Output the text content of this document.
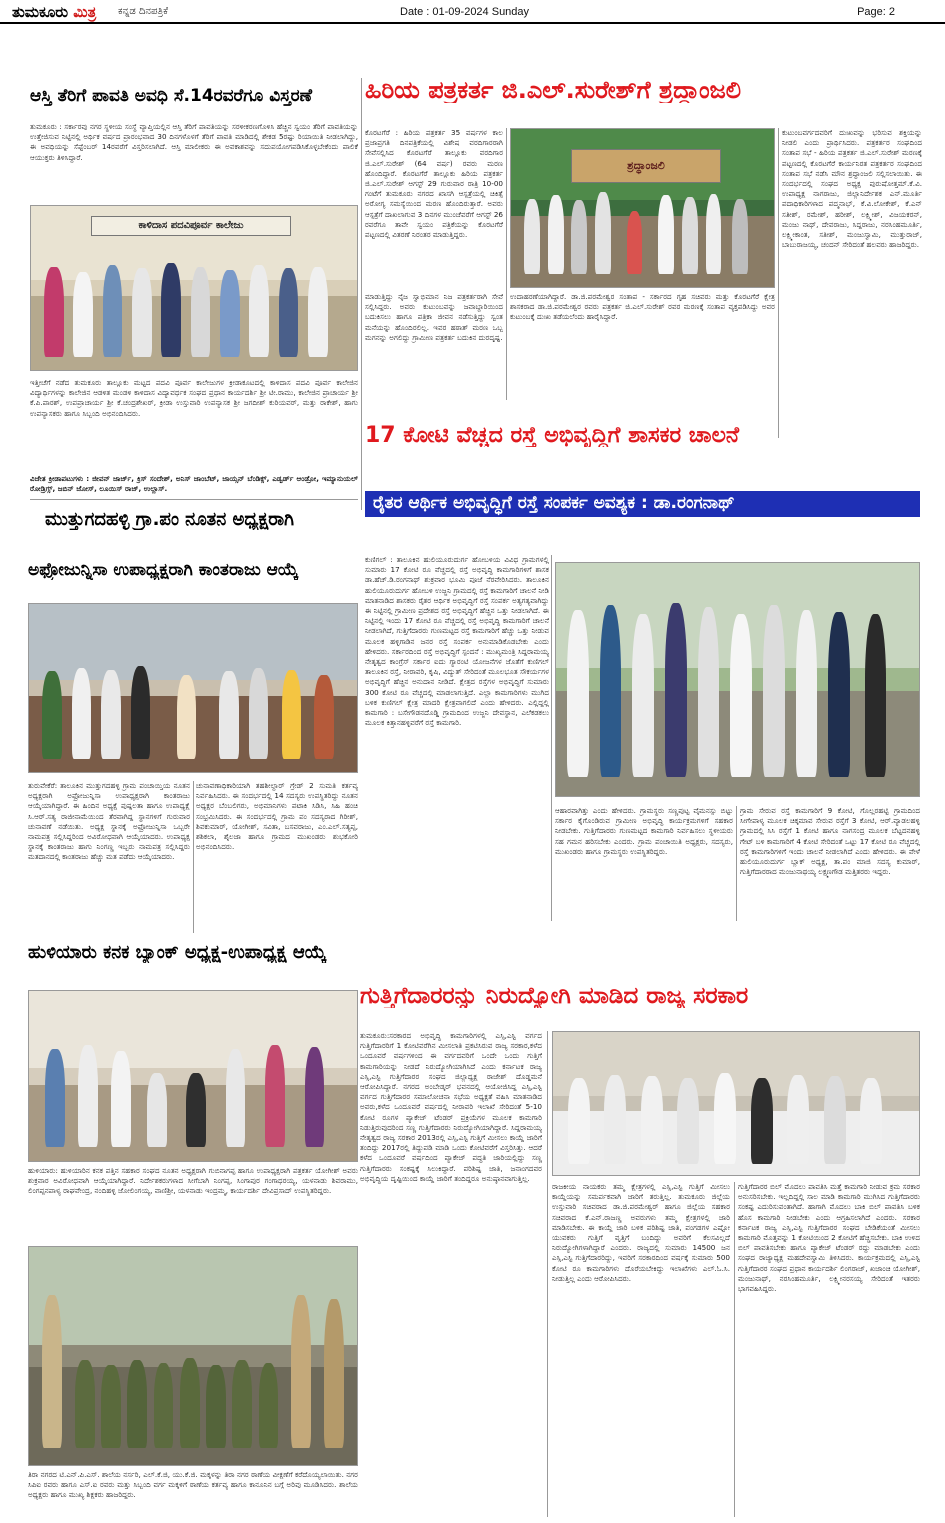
ತುಮಕೂರು ಮಿತ್ರ ಕನ್ನಡ ದಿನಪತ್ರಿಕೆ	Date : 01-09-2024 Sunday	Page: 2
ಆಸ್ತಿ ತೆರಿಗೆ ಪಾವತಿ ಅವಧಿ ಸೆ.14ರವರೆಗೂ ವಿಸ್ತರಣೆ
ತುಮಕೂರು : ಸರ್ಕಾರವು ನಗರ ಸ್ಥಳೀಯ ಸಂಸ್ಥೆ ವ್ಯಾಪ್ತಿಯಲ್ಲಿನ ಆಸ್ತಿ ತೆರಿಗೆ ಪಾವತಿಯನ್ನು ಸರಳೀಕರಣಗೊಳಿಸಿ ಹೆಚ್ಚಿನ ಸ್ವಯಂ ತೆರಿಗೆ ಪಾವತಿಯನ್ನು ಉತ್ತೇಜಿಸುವ ನಿಟ್ಟಿನಲ್ಲಿ ಅರ್ಥಿಕ ವರ್ಷದ ಪ್ರಾರಂಭವಾದ 30 ದಿನಗಳೊಳಗೆ ತೆರಿಗೆ ಪಾವತಿ ಮಾಡಿದಲ್ಲಿ ಶೇಕಡ 5ರಷ್ಟು ರಿಯಾಯಿತಿ ನೀಡಲಾಗಿದ್ದು, ಈ ಅವಧಿಯನ್ನು ಸೆಪ್ಟೆಂಬರ್ 14ರವರೆಗೆ ವಿಸ್ತರಿಸಲಾಗಿದೆ. ಆಸ್ತಿ ಮಾಲೀಕರು ಈ ಅವಕಾಶವನ್ನು ಸದುಪಯೋಗಪಡಿಸಿಕೊಳ್ಳಬೇಕೆಂದು ಪಾಲಿಕೆ ಆಯುಕ್ತರು ತಿಳಿಸಿದ್ದಾರೆ.
ಕಾಳಿದಾಸ ಪದವಿಪೂರ್ವ ಕಾಲೇಜು
ಇತ್ತೀಚೆಗೆ ನಡೆದ ತುಮಕೂರು ತಾಲ್ಲೂಕು ಮಟ್ಟದ ಪದವಿ ಪೂರ್ವ ಕಾಲೇಜುಗಳ ಕ್ರೀಡಾಕೂಟದಲ್ಲಿ ಕಾಳಿದಾಸ ಪದವಿ ಪೂರ್ವ ಕಾಲೇಜಿನ ವಿದ್ಯಾರ್ಥಿಗಳನ್ನು ಕಾಲೇಜಿನ ಆಡಳಿತ ಮಂಡಳಿ ಕಾಳಿದಾಸ ವಿದ್ಯಾವರ್ಧಕ ಸಂಘದ ಪ್ರಧಾನ ಕಾರ್ಯದರ್ಶಿ ಶ್ರೀ ಟೀ.ರಾಮು, ಕಾಲೇಜಿನ ಪ್ರಾಚಾರ್ಯ ಶ್ರೀ ಕೆ.ಪಿ.ಪಾರಶ್, ಉಪಪ್ರಾಚಾರ್ಯ ಶ್ರೀ ಕೆ.ಚಂದ್ರಶೇಖರ್, ಕ್ರೀಡಾ ಉಸ್ತುವಾರಿ ಉಪನ್ಯಾಸಕ ಶ್ರೀ ಜಗದೀಶ್ ಕುರಿಯವರ್, ಮತ್ತು ರಾಕೇಶ್, ಹಾಗು ಉಪನ್ಯಾಸಕರು ಹಾಗೂ ಸಿಬ್ಬಂದಿ ಅಭಿನಂದಿಸಿದರು.
ವಿಜೇತ ಕ್ರೀಡಾಪಟುಗಳು : ಜೀವನ್ ಜಾರ್ಜ್, ಕ್ರಿಸ್ ಸಂದೇಶ್, ಅನಿಸ್ ಜಾಂಬೆಟ್, ಜಾಯ್ಸನ್ ಬೆಂಡಿಕ್ಸ್, ಎಡ್ವರ್ಡ್ ಆಂಡ್ರೋ, ಇಮ್ಯಾನುಯಲ್ ರೋಡ್ರಿಗ್ಸ್, ಜಬಿನ್ ಜೋಸ್, ಲೂಯಿಸ್ ರಾಜ್, ಉಲ್ಲಾಸ್.
ಹಿರಿಯ ಪತ್ರಕರ್ತ ಜಿ.ಎಲ್.ಸುರೇಶ್‌ಗೆ ಶ್ರದ್ಧಾಂಜಲಿ
ಕೊರಟಗೆರೆ : ಹಿರಿಯ ಪತ್ರಕರ್ತ 35 ವರ್ಷಗಳ ಕಾಲ ಪ್ರಜಾಪ್ರಗತಿ ದಿನಪತ್ರಿಕೆಯಲ್ಲಿ ವಿಶೇಷ ವರದಿಗಾರರಾಗಿ ಸೇವೆಸಲ್ಲಿಸಿದ ಕೊರಟಗೆರೆ ತಾಲ್ಲೂಕು ವರದಿಗಾರ ಜಿ.ಎಲ್.ಸುರೇಶ್ (64 ವರ್ಷ) ರವರು ಮರಣ ಹೊಂದಿದ್ದಾರೆ. ಕೊರಟಗೆರೆ ತಾಲ್ಲೂಕು ಹಿರಿಯ ಪತ್ರಕರ್ತ ಜಿ.ಎಲ್.ಸುರೇಶ್ ಆಗಸ್ಟ್ 29 ಗುರುವಾರ ರಾತ್ರಿ 10-00 ಗಂಟೆಗೆ ತುಮಕೂರು ನಗರದ ಖಾಸಗಿ ಆಸ್ಪತ್ರೆಯಲ್ಲಿ ಚಿಕಿತ್ಸೆ ಅರೋಗ್ಯ ಸಮಸ್ಯೆಯಿಂದ ಮರಣ ಹೊಂದಿರುತ್ತಾರೆ. ಅವರು ಆಸ್ಪತ್ರೆಗೆ ದಾಖಲಾಗುವ 3 ದಿನಗಳ ಮುಂಚೆವರೆಗೆ ಆಗಸ್ಟ್ 26 ರವರೆಗೂ ತಾವೇ ಸ್ವಯಂ ಪತ್ರಿಕೆಯನ್ನು ಕೊರಟಗೆರೆ ಪಟ್ಟಣದಲ್ಲಿ ವಿತರಣೆ ನಿರಂತರ ಮಾಡುತ್ತಿದ್ದರು.
ಶ್ರದ್ಧಾಂಜಲಿ
ಮಾಡುತ್ತಿದ್ದು ನೈಜ ಸ್ವಾಭಿಮಾನ ನಿಜ ಪತ್ರಕರ್ತರಾಗಿ ಸೇವೆ ಸಲ್ಲಿಸಿದ್ದರು. ಅವರು ಕುಟುಂಬವನ್ನು ಜವಾಬ್ದಾರಿಯಿಂದ ಬದುಕಿಸಲು ಹಾಗೂ ಪತ್ರಿಕಾ ಜೀವನ ನಡೆಸುತ್ತಿದ್ದು ಸ್ವಂತ ಮನೆಯನ್ನು ಹೊಂದಿರಲಿಲ್ಲ. ಇವರ ಹಠಾತ್ ಮರಣ ಒಬ್ಬ ಮಗನನ್ನು ಅಗಲಿದ್ದು ಗ್ರಾಮೀಣ ಪತ್ರಕರ್ತ ಬದುಕಿನ ದುರದೃಷ್ಟ.
ಉದಾಹರಣೆಯಾಗಿದ್ದಾರೆ. ಡಾ.ಜಿ.ಪರಮೇಶ್ವರ ಸಂತಾಪ - ಸರ್ಕಾರದ ಗೃಹ ಸಚಿವರು ಮತ್ತು ಕೊರಟಗೆರೆ ಕ್ಷೇತ್ರ ಶಾಸಕರಾದ ಡಾ.ಜಿ.ಪರಮೇಶ್ವರ ರವರು ಪತ್ರಕರ್ತ ಜಿ.ಎಲ್.ಸುರೇಶ್ ರವರ ಮರಣಕ್ಕೆ ಸಂತಾಪ ವ್ಯಕ್ತಪಡಿಸಿದ್ದು ಅವರ ಕುಟುಂಬಕ್ಕೆ ದುಃಖ ತಡೆಯಲೆಂದು ಹಾರೈಸಿದ್ದಾರೆ.
ಕುಟುಂಬವರ್ಗದವರಿಗೆ ದುಃಖವನ್ನು ಭರಿಸುವ ಶಕ್ತಿಯನ್ನು ನೀಡಲಿ ಎಂದು ಪ್ರಾರ್ಥಿಸಿದರು. ಪತ್ರಕರ್ತರ ಸಂಘದಿಂದ ಸಂತಾಪ ಸಭೆ - ಹಿರಿಯ ಪತ್ರಕರ್ತ ಜಿ.ಎಲ್.ಸುರೇಶ್ ಮರಣಕ್ಕೆ ಪಟ್ಟಣದಲ್ಲಿ ಕೊರಟಗೆರೆ ಕಾರ್ಯನಿರತ ಪತ್ರಕರ್ತರ ಸಂಘದಿಂದ ಸಂತಾಪ ಸಭೆ ನಡೆಸಿ ಮೌನ ಶ್ರದ್ಧಾಂಜಲಿ ಸಲ್ಲಿಸಲಾಯಿತು. ಈ ಸಂದರ್ಭದಲ್ಲಿ ಸಂಘದ ಅಧ್ಯಕ್ಷ ಪುರುಷೋತ್ತಮ್.ಕೆ.ವಿ. ಉಪಾಧ್ಯಕ್ಷ ನಾಗರಾಜು, ಜಿಲ್ಲಾನಿರ್ದೇಶಕ ಎನ್.ಮೂರ್ತಿ ಪದಾಧಿಕಾರಿಗಳಾದ ಪದ್ಮನಾಭ್, ಕೆ.ವಿ.ಲೋಕೇಶ್, ಕೆ.ಎನ್ ಸತೀಶ್, ರಮೇಶ್, ಹರೀಶ್, ಲಕ್ಷ್ಮೀಶ್, ವಿಜಯಕರನ್, ಮಂಜು ನಾಥ್, ದೇವರಾಜು, ಸಿದ್ದರಾಜು, ನರಸಿಂಹಮೂರ್ತಿ, ಲಕ್ಷ್ಮೀಕಾಂತ, ಸತೀಶ್, ಮಂಜುಸ್ವಾಮಿ, ಮುತ್ತುರಾಜ್, ಬಾಬುರಾಜಯ್ಯ, ಚಂದನ್ ಸೇರಿದಂತೆ ಹಲವರು ಹಾಜರಿದ್ದರು.
17 ಕೋಟಿ ವೆಚ್ಚದ ರಸ್ತೆ ಅಭಿವೃದ್ಧಿಗೆ ಶಾಸಕರ ಚಾಲನೆ
ರೈತರ ಆರ್ಥಿಕ ಅಭಿವೃದ್ಧಿಗೆ ರಸ್ತೆ ಸಂಪರ್ಕ ಅವಶ್ಯಕ : ಡಾ.ರಂಗನಾಥ್
ಕುಣಿಗಲ್ : ತಾಲೂಕಿನ ಹುಲಿಯೂರುದುರ್ಗ ಹೋಬಳಿಯ ವಿವಿಧ ಗ್ರಾಮಗಳಲ್ಲಿ ಸುಮಾರು 17 ಕೋಟಿ ರೂ ವೆಚ್ಚದಲ್ಲಿ ರಸ್ತೆ ಅಭಿವೃದ್ಧಿ ಕಾಮಗಾರಿಗಳಿಗೆ ಶಾಸಕ ಡಾ.ಹೆಚ್.ಡಿ.ರಂಗನಾಥ್ ಶುಕ್ರವಾರ ಭೂಮಿ ಪೂಜೆ ನೆರವೇರಿಸಿದರು. ತಾಲೂಕಿನ ಹುಲಿಯೂರುದುರ್ಗ ಹೋಬಳಿ ಉಜ್ಜನಿ ಗ್ರಾಮದಲ್ಲಿ ರಸ್ತೆ ಕಾಮಗಾರಿಗೆ ಚಾಲನೆ ನೀಡಿ ಮಾತನಾಡಿದ ಶಾಸಕರು ರೈತರ ಆರ್ಥಿಕ ಅಭಿವೃದ್ಧಿಗೆ ರಸ್ತೆ ಸಂಪರ್ಕ ಅತ್ಯಗತ್ಯವಾಗಿದ್ದು ಈ ನಿಟ್ಟಿನಲ್ಲಿ ಗ್ರಾಮೀಣ ಪ್ರದೇಶದ ರಸ್ತೆ ಅಭಿವೃದ್ಧಿಗೆ ಹೆಚ್ಚಿನ ಒತ್ತು ನೀಡಲಾಗಿದೆ. ಈ ನಿಟ್ಟಿನಲ್ಲಿ ಇಂದು 17 ಕೋಟಿ ರೂ ವೆಚ್ಚದಲ್ಲಿ ರಸ್ತೆ ಅಭಿವೃದ್ಧಿ ಕಾಮಗಾರಿಗೆ ಚಾಲನೆ ನೀಡಲಾಗಿದೆ, ಗುತ್ತಿಗೆದಾರರು ಗುಣಮಟ್ಟದ ರಸ್ತೆ ಕಾಮಗಾರಿಗೆ ಹೆಚ್ಚು ಒತ್ತು ನೀಡುವ ಮೂಲಕ ಹಳ್ಳಿಗಾಡಿನ ಜನರ ರಸ್ತೆ ಸಂಪರ್ಕ ಅನುಮಾಡಿಕೊಡಬೇಕು ಎಂದು ಹೇಳಿದರು. ಸರ್ಕಾರದಿಂದ ರಸ್ತೆ ಅಭಿವೃದ್ಧಿಗೆ ಸ್ಪಂದನೆ : ಮುಖ್ಯಮಂತ್ರಿ ಸಿದ್ದರಾಮಯ್ಯ ನೇತೃತ್ವದ ಕಾಂಗ್ರೆಸ್ ಸರ್ಕಾರ ಐದು ಗ್ಯಾರಂಟಿ ಯೋಜನೆಗಳ ಜೊತೆಗೆ ಕುಣಿಗಲ್ ತಾಲೂಕಿನ ರಸ್ತೆ, ನೀರಾವರಿ, ಕೃಷಿ, ವಿದ್ಯುತ್ ಸೇರಿದಂತೆ ಮೂಲಭೂತ ಸೌಕರ್ಯಗಳ ಅಭಿವೃದ್ಧಿಗೆ ಹೆಚ್ಚಿನ ಅನುದಾನ ನೀಡಿದೆ. ಕ್ಷೇತ್ರದ ರಸ್ತೆಗಳ ಅಭಿವೃದ್ಧಿಗೆ ಸುಮಾರು 300 ಕೋಟಿ ರೂ ವೆಚ್ಚದಲ್ಲಿ ಮಾಡಲಾಗುತ್ತಿದೆ. ಎಲ್ಲಾ ಕಾಮಗಾರಿಗಳು ಮುಗಿದ ಬಳಿಕ ಕುಣಿಗಲ್ ಕ್ಷೇತ್ರ ಮಾದರಿ ಕ್ಷೇತ್ರವಾಗಲಿದೆ ಎಂದು ಹೇಳಿದರು. ಎಲ್ಲಿದ್ದಲ್ಲಿ ಕಾಮಗಾರಿ : ಬಸೇಗೌಡನದೊಡ್ಡಿ ಗ್ರಾಮದಿಂದ ಉಜ್ಜನಿ ದೇವಸ್ಥಾನ, ಎಲೆಕಡಕಲು ಮೂಲಕ ಕಿತ್ತಾನಹಳ್ಳಿವರೆಗೆ ರಸ್ತೆ ಕಾಮಗಾರಿ.
ಆಹಾರವಾಗಿತ್ತು ಎಂದು ಹೇಳಿದರು. ಗ್ರಾಮಸ್ಥರು ಸಣ್ಣಪುಟ್ಟ ವೈಮನಸ್ಸು ಬಿಟ್ಟು ಸರ್ಕಾರ ಕೈಗೊಂಡಿರುವ ಗ್ರಾಮೀಣ ಅಭಿವೃದ್ಧಿ ಕಾರ್ಯಕ್ರಮಗಳಿಗೆ ಸಹಕಾರ ನೀಡಬೇಕು. ಗುತ್ತಿಗೆದಾರರು ಗುಣಮಟ್ಟದ ಕಾಮಗಾರಿ ನಿರ್ವಹಿಸಲು ಸ್ಥಳೀಯರು ಸಹ ಗಮನ ಹರಿಸಬೇಕು ಎಂದರು. ಗ್ರಾಮ ಪಂಚಾಯಿತಿ ಅಧ್ಯಕ್ಷರು, ಸದಸ್ಯರು, ಮುಖಂಡರು ಹಾಗೂ ಗ್ರಾಮಸ್ಥರು ಉಪಸ್ಥಿತರಿದ್ದರು.
ಗ್ರಾಮ ಸೇರುವ ರಸ್ತೆ ಕಾಮಗಾರಿಗೆ 9 ಕೋಟಿ, ಗೊಲ್ಲರಹಟ್ಟಿ ಗ್ರಾಮದಿಂದ ಸೀಗೇಪಾಳ್ಯ ಮೂಲಕ ಚಿಕ್ಕಮಾವ ಸೇರುವ ರಸ್ತೆಗೆ 3 ಕೋಟಿ, ಆರ್.ವ್ಯಾಡಲಹಳ್ಳಿ ಗ್ರಾಮದಲ್ಲಿ ಸಿಸಿ ರಸ್ತೆಗೆ 1 ಕೋಟಿ ಹಾಗೂ ನಾಗಸಂದ್ರ ಮೂಲಕ ಬೆಟ್ಟದನಹಳ್ಳಿ ಗೇಟ್ ಬಳಿ ಕಾಮಗಾರಿಗೆ 4 ಕೋಟಿ ಸೇರಿದಂತೆ ಒಟ್ಟು 17 ಕೋಟಿ ರೂ ವೆಚ್ಚದಲ್ಲಿ ರಸ್ತೆ ಕಾಮಗಾರಿಗಳಿಗೆ ಇಂದು ಚಾಲನೆ ನೀಡಲಾಗಿದೆ ಎಂದು ಹೇಳಿದರು. ಈ ವೇಳೆ ಹುಲಿಯೂರುದುರ್ಗ ಬ್ಲಾಕ್ ಅಧ್ಯಕ್ಷ, ತಾ.ಪಂ ಮಾಜಿ ಸದಸ್ಯ ಕುಮಾರ್, ಗುತ್ತಿಗೆದಾರರಾದ ಮಂಜುನಾಥಯ್ಯ ಲಕ್ಷ್ಮಣಗೌಡ ಮತ್ತಿತರರು ಇದ್ದರು.
ಮುತ್ತುಗದಹಳ್ಳಿ ಗ್ರಾ.ಪಂ ನೂತನ ಅಧ್ಯಕ್ಷರಾಗಿ
ಅಫ್ರೋಜುನ್ನಿಸಾ ಉಪಾಧ್ಯಕ್ಷರಾಗಿ ಕಾಂತರಾಜು ಆಯ್ಕೆ
ತುರುವೇಕೆರೆ: ತಾಲೂಕಿನ ಮುತ್ತುಗದಹಳ್ಳಿ ಗ್ರಾಮ ಪಂಚಾಯ್ತಿಯ ನೂತನ ಅಧ್ಯಕ್ಷರಾಗಿ ಅಫ್ರೋಜುನ್ನಿಸಾ ಉಪಾಧ್ಯಕ್ಷರಾಗಿ ಕಾಂತರಾಜು ಆಯ್ಕೆಯಾಗಿದ್ದಾರೆ. ಈ ಹಿಂದಿನ ಅಧ್ಯಕ್ಷೆ ಪುಷ್ಪಲತಾ ಹಾಗೂ ಉಪಾಧ್ಯಕ್ಷೆ ಸಿ.ಆರ್.ಸತ್ಯ ರಾಜೀನಾಮೆಯಿಂದ ತೆರವಾಗಿದ್ದ ಸ್ಥಾನಗಳಿಗೆ ಗುರುವಾರ ಚುನಾವಣೆ ನಡೆಯಿತು. ಅಧ್ಯಕ್ಷ ಸ್ಥಾನಕ್ಕೆ ಅಫ್ರೋಜುನ್ನಿಸಾ ಒಬ್ಬರೇ ನಾಮಪತ್ರ ಸಲ್ಲಿಸಿದ್ದರಿಂದ ಅವಿರೋಧವಾಗಿ ಆಯ್ಕೆಯಾದರು. ಉಪಾಧ್ಯಕ್ಷ ಸ್ಥಾನಕ್ಕೆ ಕಾಂತರಾಜು ಹಾಗು ನಿಂಗಣ್ಣ ಇಬ್ಬರು ನಾಮಪತ್ರ ಸಲ್ಲಿಸಿದ್ದರು ಮತದಾನದಲ್ಲಿ ಕಾಂತರಾಜು ಹೆಚ್ಚು ಮತ ಪಡೆದು ಆಯ್ಕೆಯಾದರು.
ಚುನಾವಣಾಧಿಕಾರಿಯಾಗಿ ತಹಶೀಲ್ದಾರ್ ಗ್ರೇಡ್ 2 ಸುಮತಿ ಕರ್ತವ್ಯ ನಿರ್ವಹಿಸಿದರು. ಈ ಸಂದರ್ಭದಲ್ಲಿ 14 ಸದಸ್ಯರು ಉಪಸ್ಥಿತರಿದ್ದು ನೂತನ ಅಧ್ಯಕ್ಷರ ಬೆಂಬಲಿಗರು, ಅಭಿಮಾನಿಗಳು ಪಟಾಕಿ ಸಿಡಿಸಿ, ಸಿಹಿ ಹಂಚಿ ಸಂಭ್ರಮಿಸಿದರು. ಈ ಸಂದರ್ಭದಲ್ಲಿ ಗ್ರಾಮ ಪಂ ಸದಸ್ಯರಾದ ಗಿರೀಶ್, ಶಿವಕುಮಾರ್, ಯೋಗೀಶ್, ಸವಿತಾ, ಬಸವರಾಜು, ಎಂ.ಎಲ್.ಸತ್ಯಪ್ಪ, ಶಶಿಕಲಾ, ಶೈಲಜಾ ಹಾಗೂ ಗ್ರಾಮದ ಮುಖಂಡರು ಶುಭಕೋರಿ ಅಭಿನಂದಿಸಿದರು.
ಹುಳಿಯಾರು ಕನಕ ಬ್ಯಾಂಕ್ ಅಧ್ಯಕ್ಷ-ಉಪಾಧ್ಯಕ್ಷ ಆಯ್ಕೆ
ಹುಳಿಯಾರು: ಹುಳಿಯಾರಿನ ಕನಕ ಪತ್ತಿನ ಸಹಕಾರ ಸಂಘದ ನೂತನ ಅಧ್ಯಕ್ಷರಾಗಿ ಗುಬಿನಾಗಪ್ಪ ಹಾಗೂ ಉಪಾಧ್ಯಕ್ಷರಾಗಿ ಪತ್ರಕರ್ತ ಯೋಗೀಶ್ ಅವರು ಶುಕ್ರವಾರ ಅವಿರೋಧವಾಗಿ ಆಯ್ಕೆಯಾಗಿದ್ದಾರೆ. ನಿರ್ದೇಶಕರುಗಳಾದ ಸೀಗೆಬಾಗಿ ನಿಂಗಪ್ಪ, ಸಿಂಗಾಪುರ ಗಂಗಾಧರಯ್ಯ, ಯಳನಾಡು ಶಿವರಾಮು, ಲಿಂಗಪ್ಪನಪಾಳ್ಯ ರಾಘವೇಂದ್ರ, ನಂದಿಹಳ್ಳಿ ಜೋಲಿಂಗಯ್ಯ, ವಾಣಿಶ್ರೀ, ಯಳನಾಡು ಇಂದ್ರಮ್ಮ, ಕಾರ್ಯದರ್ಶಿ ದೇವಿಪ್ರಸಾದ್ ಉಪಸ್ಥಿತರಿದ್ದರು.
ತಿರಾ ನಗರದ ಟಿ.ಎನ್.ಪಿ.ಎಸ್. ಶಾಲೆಯ ನರ್ಸರಿ, ಎಲ್.ಕೆ.ಜಿ, ಯು.ಕೆ.ಜಿ. ಮಕ್ಕಳನ್ನು ತಿರಾ ನಗರ ಠಾಣೆಯ ವೀಕ್ಷಣೆಗೆ ಕರೆದೊಯ್ಯಲಾಯಿತು. ನಗರ ಸಿಪಿಐ ರವರು ಹಾಗೂ ಎಸ್.ಐ ರವರು ಮತ್ತು ಸಿಬ್ಬಂದಿ ವರ್ಗ ಮಕ್ಕಳಿಗೆ ಠಾಣೆಯ ಕರ್ತವ್ಯ ಹಾಗೂ ಕಾನೂನಿನ ಬಗ್ಗೆ ಅರಿವು ಮೂಡಿಸಿದರು. ಶಾಲೆಯ ಅಧ್ಯಕ್ಷರು ಹಾಗೂ ಮುಖ್ಯ ಶಿಕ್ಷಕರು ಹಾಜರಿದ್ದರು.
ಗುತ್ತಿಗೆದಾರರನ್ನು ನಿರುದ್ಯೋಗಿ ಮಾಡಿದ ರಾಜ್ಯ ಸರಕಾರ
ತುಮಕೂರು:ಸರಕಾರದ ಅಭಿವೃದ್ಧಿ ಕಾಮಗಾರಿಗಳಲ್ಲಿ ಎಸ್ಸಿ,ಎಸ್ಟಿ ವರ್ಗದ ಗುತ್ತಿಗೆದಾರರಿಗೆ 1 ಕೋಟಿವರೆಗಿನ ಮೀಸಲಾತಿ ಪ್ರಕಟಿಸಿರುವ ರಾಜ್ಯ ಸರಕಾರ,ಕಳೆದ ಒಂದೂವರೆ ವರ್ಷಗಳಿಂದ ಈ ವರ್ಗದವರಿಗೆ ಒಂದೇ ಒಂದು ಗುತ್ತಿಗೆ ಕಾಮಗಾರಿಯನ್ನು ನೀಡದೆ ನಿರುದ್ಯೋಗಿಯಾಗಿಸಿದೆ ಎಂದು ಕರ್ನಾಟಕ ರಾಜ್ಯ ಎಸ್ಸಿ,ಎಸ್ಟಿ ಗುತ್ತಿಗೆದಾರರ ಸಂಘದ ಜಿಲ್ಲಾಧ್ಯಕ್ಷ ರಾಜೇಶ್ ದೊಡ್ಡಮನೆ ಆರೋಪಿಸಿದ್ದಾರೆ. ನಗರದ ಅಂಬೇಡ್ಕರ್ ಭವನದಲ್ಲಿ ಆಯೋಜಿಸಿದ್ದ ಎಸ್ಸಿ,ಎಸ್ಟಿ ವರ್ಗದ ಗುತ್ತಿಗೆದಾರರ ಸಮಾಲೋಚನಾ ಸಭೆಯ ಅಧ್ಯಕ್ಷತೆ ವಹಿಸಿ ಮಾತನಾಡಿದ ಅವರು,ಕಳೆದ ಒಂದೂವರೆ ವರ್ಷದಲ್ಲಿ ನೀರಾವರಿ ಇಲಾಖೆ ಸೇರಿದಂತೆ 5-10 ಕೋಟಿ ರೂಗಳ ಪ್ಯಾಕೇಜ್ ಟೆಂಡರ್ ಪ್ರಕ್ರಿಯೆಗಳ ಮೂಲಕ ಕಾಮಗಾರಿ ನಿಡುತ್ತಿರುವುದರಿಂದ ಸಣ್ಣ ಗುತ್ತಿಗೆದಾರರು ನಿರುದ್ಯೋಗಿಯಾಗಿದ್ದಾರೆ. ಸಿದ್ದರಾಮಯ್ಯ ನೇತೃತ್ವದ ರಾಜ್ಯ ಸರಕಾರ 2013ರಲ್ಲಿ ಎಸ್ಸಿ,ಎಸ್ಟಿ ಗುತ್ತಿಗೆ ಮೀಸಲು ಕಾಯ್ದೆ ಜಾರಿಗೆ ತಂದಿದ್ದು 2017ರಲ್ಲಿ ತಿದ್ದುಪಡಿ ಮಾಡಿ ಒಂದು ಕೋಟಿವರೆಗೆ ವಿಸ್ತರಿಸಿತ್ತು. ಆದರೆ ಕಳೆದ ಒಂದೂವರೆ ವರ್ಷದಿಂದ ಪ್ಯಾಕೇಜ್ ಪದ್ಧತಿ ಜಾರಿಯಲ್ಲಿದ್ದು ಸಣ್ಣ ಗುತ್ತಿಗೆದಾರರು ಸಂಕಷ್ಟಕ್ಕೆ ಸಿಲುಕಿದ್ದಾರೆ. ಪರಿಶಿಷ್ಟ ಜಾತಿ, ಜನಾಂಗದವರ ಅಭಿವೃದ್ಧಿಯ ದೃಷ್ಟಿಯಿಂದ ಕಾಯ್ದೆ ಜಾರಿಗೆ ತಂದಿದ್ದರೂ ಅನುಷ್ಠಾನವಾಗುತ್ತಿಲ್ಲ.
ರಾಜಕೀಯ ನಾಯಕರು ತಮ್ಮ ಕ್ಷೇತ್ರಗಳಲ್ಲಿ ಎಸ್ಸಿ,ಎಸ್ಟಿ ಗುತ್ತಿಗೆ ಮೀಸಲು ಕಾಯ್ದೆಯನ್ನು ಸಮರ್ಪಕವಾಗಿ ಜಾರಿಗೆ ತರುತ್ತಿಲ್ಲ. ತುಮಕೂರು ಜಿಲ್ಲೆಯ ಉಸ್ತುವಾರಿ ಸಚಿವರಾದ ಡಾ.ಜಿ.ಪರಮೇಶ್ವರ್ ಹಾಗೂ ಜಿಲ್ಲೆಯ ಸಹಕಾರ ಸಚಿವರಾದ ಕೆ.ಎನ್.ರಾಜಣ್ಣ ಅವರುಗಳು ತಮ್ಮ ಕ್ಷೇತ್ರಗಳಲ್ಲಿ ಜಾರಿ ಮಾಡಿಸಬೇಕು. ಈ ಕಾಯ್ದೆ ಜಾರಿ ಬಳಿಕ ಪರಿಶಿಷ್ಟ ಜಾತಿ, ಪಂಗಡಗಳ ಎಷ್ಟೋ ಯುವಕರು ಗುತ್ತಿಗೆ ವೃತ್ತಿಗೆ ಬಂದಿದ್ದು ಅವರಿಗೆ ಕೆಲಸವಿಲ್ಲದೆ ನಿರುದ್ಯೋಗಿಗಳಾಗಿದ್ದಾರೆ ಎಂದರು. ರಾಜ್ಯದಲ್ಲಿ ಸುಮಾರು 14500 ಜನ ಎಸ್ಸಿ,ಎಸ್ಟಿ ಗುತ್ತಿಗೆದಾರರಿದ್ದು, ಇವರಿಗೆ ಸರಕಾರದಿಂದ ವರ್ಷಕ್ಕೆ ಸುಮಾರು 500 ಕೋಟಿ ರೂ ಕಾಮಗಾರಿಗಳು ದೊರೆಯಬೇಕಿದ್ದು ಇಲಾಖೆಗಳು ಎಲ್.ಓ.ಸಿ. ನೀಡುತ್ತಿಲ್ಲ ಎಂದು ಆರೋಪಿಸಿದರು.
ಗುತ್ತಿಗೆದಾರರ ಬಿಲ್ ಮೊದಲು ಪಾವತಿಸಿ ಮತ್ತೆ ಕಾಮಗಾರಿ ನೀಡುವ ಕ್ರಮ ಸರಕಾರ ಅನುಸರಿಸಬೇಕು. ಇಲ್ಲದಿದ್ದಲ್ಲಿ ಸಾಲ ಮಾಡಿ ಕಾಮಗಾರಿ ಮುಗಿಸಿದ ಗುತ್ತಿಗೆದಾರರು ಸಂಕಷ್ಟ ಎದುರಿಸುವಂತಾಗಿದೆ. ಹಾಗಾಗಿ ಮೊದಲು ಬಾಕಿ ಬಿಲ್ ಪಾವತಿಸಿ ಬಳಿಕ ಹೊಸ ಕಾಮಗಾರಿ ನೀಡಬೇಕು ಎಂದು ಆಗ್ರಹಿಸಲಾಗಿದೆ ಎಂದರು. ಸರಕಾರ ಕರ್ನಾಟಕ ರಾಜ್ಯ ಎಸ್ಸಿ,ಎಸ್ಟಿ ಗುತ್ತಿಗೆದಾರರ ಸಂಘದ ಬೇಡಿಕೆಯಂತೆ ಮೀಸಲು ಕಾಮಗಾರಿ ಮೊತ್ತವನ್ನು 1 ಕೋಟಿಯಿಂದ 2 ಕೋಟಿಗೆ ಹೆಚ್ಚಿಸಬೇಕು. ಬಾಕಿ ಉಳಿದ ಬಿಲ್ ಪಾವತಿಸಬೇಕು ಹಾಗೂ ಪ್ಯಾಕೇಜ್ ಟೆಂಡರ್ ರದ್ದು ಮಾಡಬೇಕು ಎಂದು ಸಂಘದ ರಾಜ್ಯಾಧ್ಯಕ್ಷ ಮಹದೇವಸ್ವಾಮಿ ತಿಳಿಸಿದರು. ಕಾರ್ಯಕ್ರಮದಲ್ಲಿ ಎಸ್ಸಿ,ಎಸ್ಟಿ ಗುತ್ತಿಗೆದಾರರ ಸಂಘದ ಪ್ರಧಾನ ಕಾರ್ಯದರ್ಶಿ ಲಿಂಗರಾಜ್, ಖಜಾಂಚಿ ಯೋಗೀಶ್, ಮಂಜುನಾಥ್, ನರಸಿಂಹಮೂರ್ತಿ, ಲಕ್ಷ್ಮೀನರಸಯ್ಯ ಸೇರಿದಂತೆ ಇತರರು ಭಾಗವಹಿಸಿದ್ದರು.
